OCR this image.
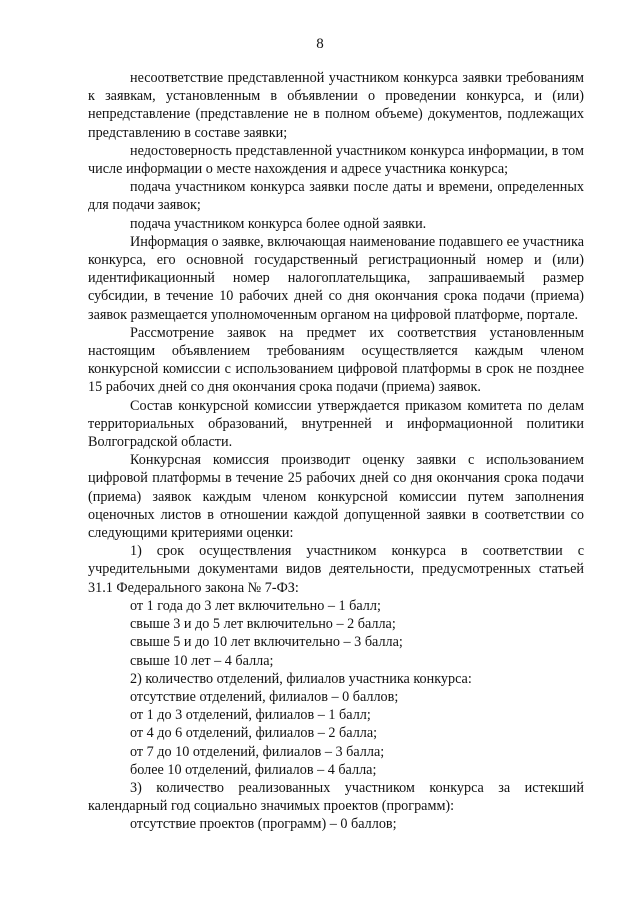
8

несоответствие представленной участником конкурса заявки требованиям к заявкам, установленным в объявлении о проведении конкурса, и (или) непредставление (представление не в полном объеме) документов, подлежащих представлению в составе заявки;

недостоверность представленной участником конкурса информации, в том числе информации о месте нахождения и адресе участника конкурса;

подача участником конкурса заявки после даты и времени, определенных для подачи заявок;

подача участником конкурса более одной заявки.

Информация о заявке, включающая наименование подавшего ее участника конкурса, его основной государственный регистрационный номер и (или) идентификационный номер налогоплательщика, запрашиваемый размер субсидии, в течение 10 рабочих дней со дня окончания срока подачи (приема) заявок размещается уполномоченным органом на цифровой платформе, портале.

Рассмотрение заявок на предмет их соответствия установленным настоящим объявлением требованиям осуществляется каждым членом конкурсной комиссии с использованием цифровой платформы в срок не позднее 15 рабочих дней со дня окончания срока подачи (приема) заявок.

Состав конкурсной комиссии утверждается приказом комитета по делам территориальных образований, внутренней и информационной политики Волгоградской области.

Конкурсная комиссия производит оценку заявки с использованием цифровой платформы в течение 25 рабочих дней со дня окончания срока подачи (приема) заявок каждым членом конкурсной комиссии путем заполнения оценочных листов в отношении каждой допущенной заявки в соответствии со следующими критериями оценки:

1) срок осуществления участником конкурса в соответствии с учредительными документами видов деятельности, предусмотренных статьей 31.1 Федерального закона № 7-ФЗ:

от 1 года до 3 лет включительно – 1 балл;
свыше 3 и до 5 лет включительно – 2 балла;
свыше 5 и до 10 лет включительно – 3 балла;
свыше 10 лет – 4 балла;
2) количество отделений, филиалов участника конкурса:
отсутствие отделений, филиалов – 0 баллов;
от 1 до 3 отделений, филиалов – 1 балл;
от 4 до 6 отделений, филиалов – 2 балла;
от 7 до 10 отделений, филиалов – 3 балла;
более 10 отделений, филиалов – 4 балла;

3) количество реализованных участником конкурса за истекший календарный год социально значимых проектов (программ):

отсутствие проектов (программ) – 0 баллов;
